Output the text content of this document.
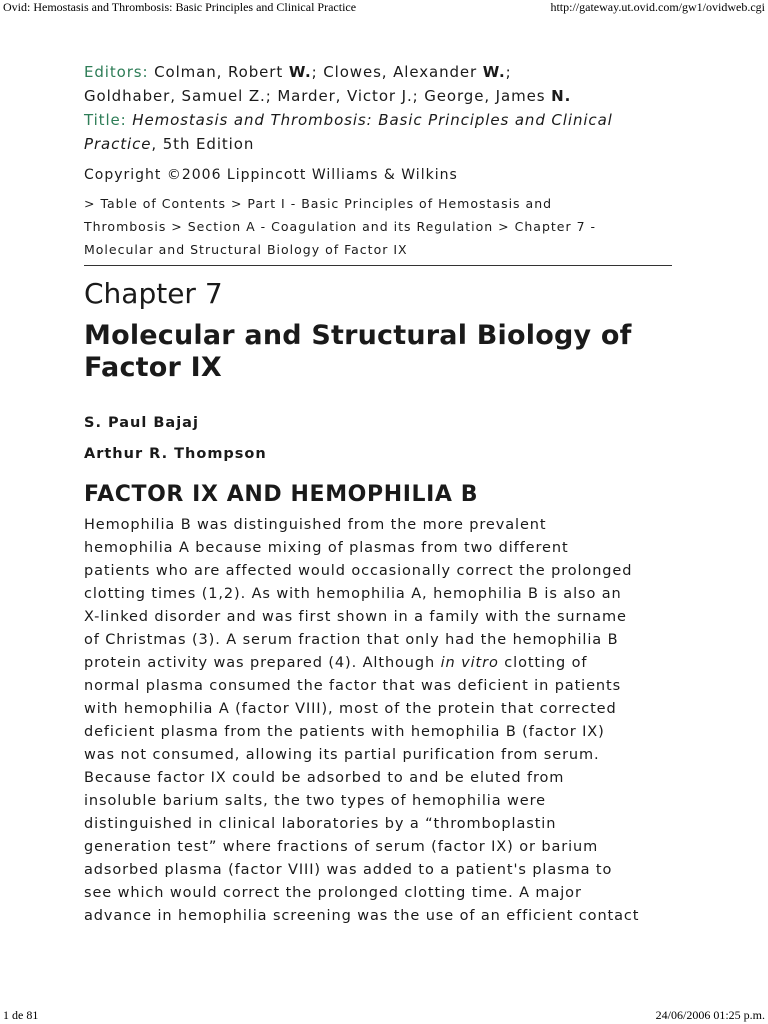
Ovid: Hemostasis and Thrombosis: Basic Principles and Clinical Practice	http://gateway.ut.ovid.com/gw1/ovidweb.cgi
Editors: Colman, Robert W.; Clowes, Alexander W.;
Goldhaber, Samuel Z.; Marder, Victor J.; George, James N.
Title: Hemostasis and Thrombosis: Basic Principles and Clinical Practice, 5th Edition
Copyright ©2006 Lippincott Williams & Wilkins
> Table of Contents > Part I - Basic Principles of Hemostasis and
Thrombosis > Section A - Coagulation and its Regulation > Chapter 7 -
Molecular and Structural Biology of Factor IX
Chapter 7
Molecular and Structural Biology of Factor IX
S. Paul Bajaj
Arthur R. Thompson
FACTOR IX AND HEMOPHILIA B
Hemophilia B was distinguished from the more prevalent
hemophilia A because mixing of plasmas from two different
patients who are affected would occasionally correct the prolonged
clotting times (1,2). As with hemophilia A, hemophilia B is also an
X-linked disorder and was first shown in a family with the surname
of Christmas (3). A serum fraction that only had the hemophilia B
protein activity was prepared (4). Although in vitro clotting of
normal plasma consumed the factor that was deficient in patients
with hemophilia A (factor VIII), most of the protein that corrected
deficient plasma from the patients with hemophilia B (factor IX)
was not consumed, allowing its partial purification from serum.
Because factor IX could be adsorbed to and be eluted from
insoluble barium salts, the two types of hemophilia were
distinguished in clinical laboratories by a “thromboplastin
generation test” where fractions of serum (factor IX) or barium
adsorbed plasma (factor VIII) was added to a patient's plasma to
see which would correct the prolonged clotting time. A major
advance in hemophilia screening was the use of an efficient contact
1 de 81	24/06/2006 01:25 p.m.
